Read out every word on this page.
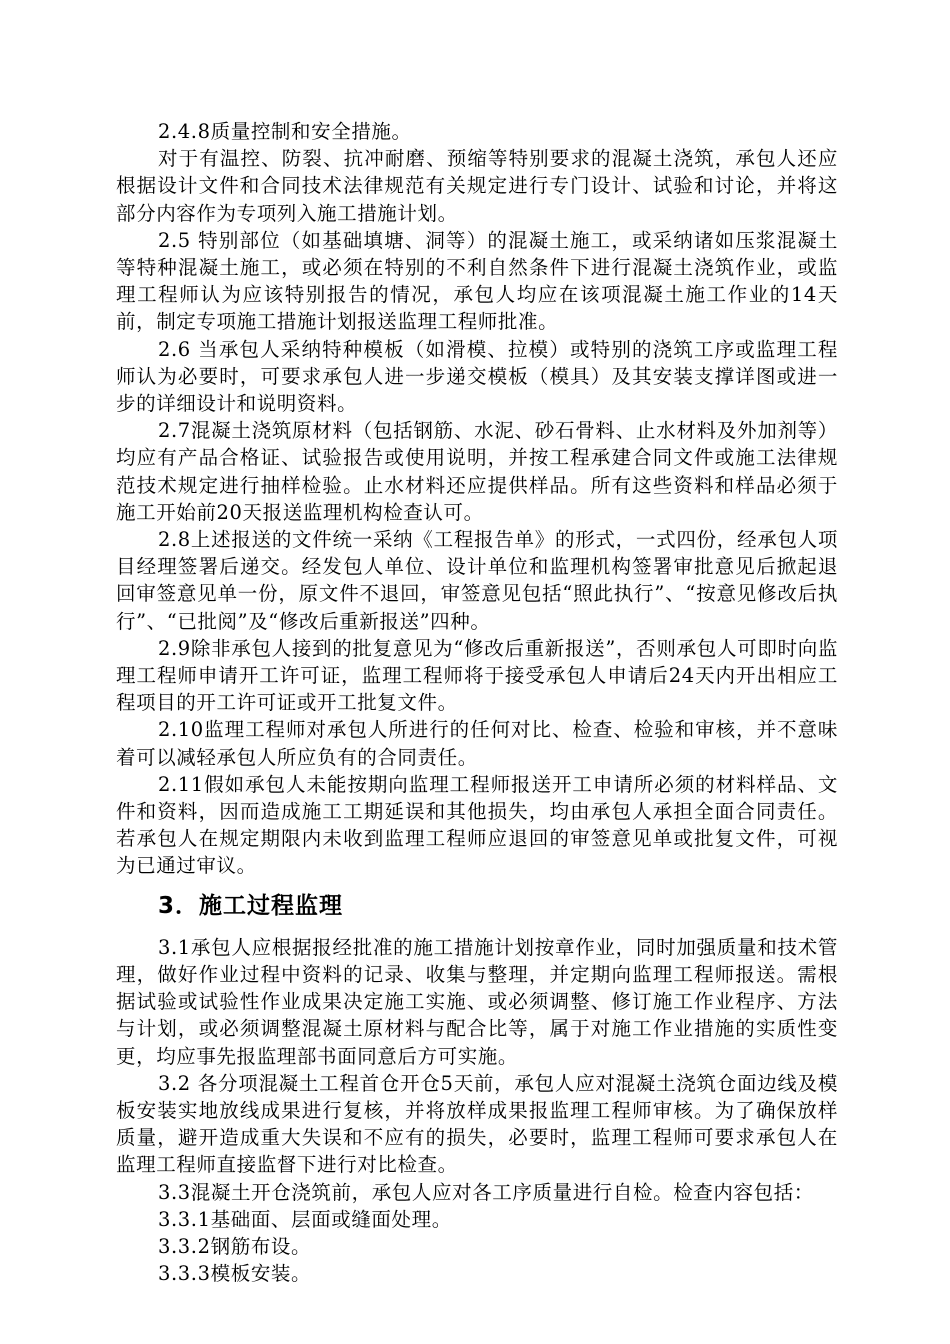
2.4.8质量控制和安全措施。

对于有温控、防裂、抗冲耐磨、预缩等特别要求的混凝土浇筑，承包人还应根据设计文件和合同技术法律规范有关规定进行专门设计、试验和讨论，并将这部分内容作为专项列入施工措施计划。

2.5 特别部位（如基础填塘、洞等）的混凝土施工，或采纳诸如压浆混凝土等特种混凝土施工，或必须在特别的不利自然条件下进行混凝土浇筑作业，或监理工程师认为应该特别报告的情况，承包人均应在该项混凝土施工作业的14天前，制定专项施工措施计划报送监理工程师批准。

2.6 当承包人采纳特种模板（如滑模、拉模）或特别的浇筑工序或监理工程师认为必要时，可要求承包人进一步递交模板（模具）及其安装支撑详图或进一步的详细设计和说明资料。

2.7混凝土浇筑原材料（包括钢筋、水泥、砂石骨料、止水材料及外加剂等）均应有产品合格证、试验报告或使用说明，并按工程承建合同文件或施工法律规范技术规定进行抽样检验。止水材料还应提供样品。所有这些资料和样品必须于施工开始前20天报送监理机构检查认可。

2.8上述报送的文件统一采纳《工程报告单》的形式，一式四份，经承包人项目经理签署后递交。经发包人单位、设计单位和监理机构签署审批意见后掀起退回审签意见单一份，原文件不退回，审签意见包括“照此执行”、“按意见修改后执行”、“已批阅”及“修改后重新报送”四种。

2.9除非承包人接到的批复意见为“修改后重新报送”，否则承包人可即时向监理工程师申请开工许可证，监理工程师将于接受承包人申请后24天内开出相应工程项目的开工许可证或开工批复文件。

2.10监理工程师对承包人所进行的任何对比、检查、检验和审核，并不意味着可以减轻承包人所应负有的合同责任。

2.11假如承包人未能按期向监理工程师报送开工申请所必须的材料样品、文件和资料，因而造成施工工期延误和其他损失，均由承包人承担全面合同责任。若承包人在规定期限内未收到监理工程师应退回的审签意见单或批复文件，可视为已通过审议。

3．施工过程监理

3.1承包人应根据报经批准的施工措施计划按章作业，同时加强质量和技术管理，做好作业过程中资料的记录、收集与整理，并定期向监理工程师报送。需根据试验或试验性作业成果决定施工实施、或必须调整、修订施工作业程序、方法与计划，或必须调整混凝土原材料与配合比等，属于对施工作业措施的实质性变更，均应事先报监理部书面同意后方可实施。

3.2 各分项混凝土工程首仓开仓5天前，承包人应对混凝土浇筑仓面边线及模板安装实地放线成果进行复核，并将放样成果报监理工程师审核。为了确保放样质量，避开造成重大失误和不应有的损失，必要时，监理工程师可要求承包人在监理工程师直接监督下进行对比检查。

3.3混凝土开仓浇筑前，承包人应对各工序质量进行自检。检查内容包括：

3.3.1基础面、层面或缝面处理。

3.3.2钢筋布设。

3.3.3模板安装。
